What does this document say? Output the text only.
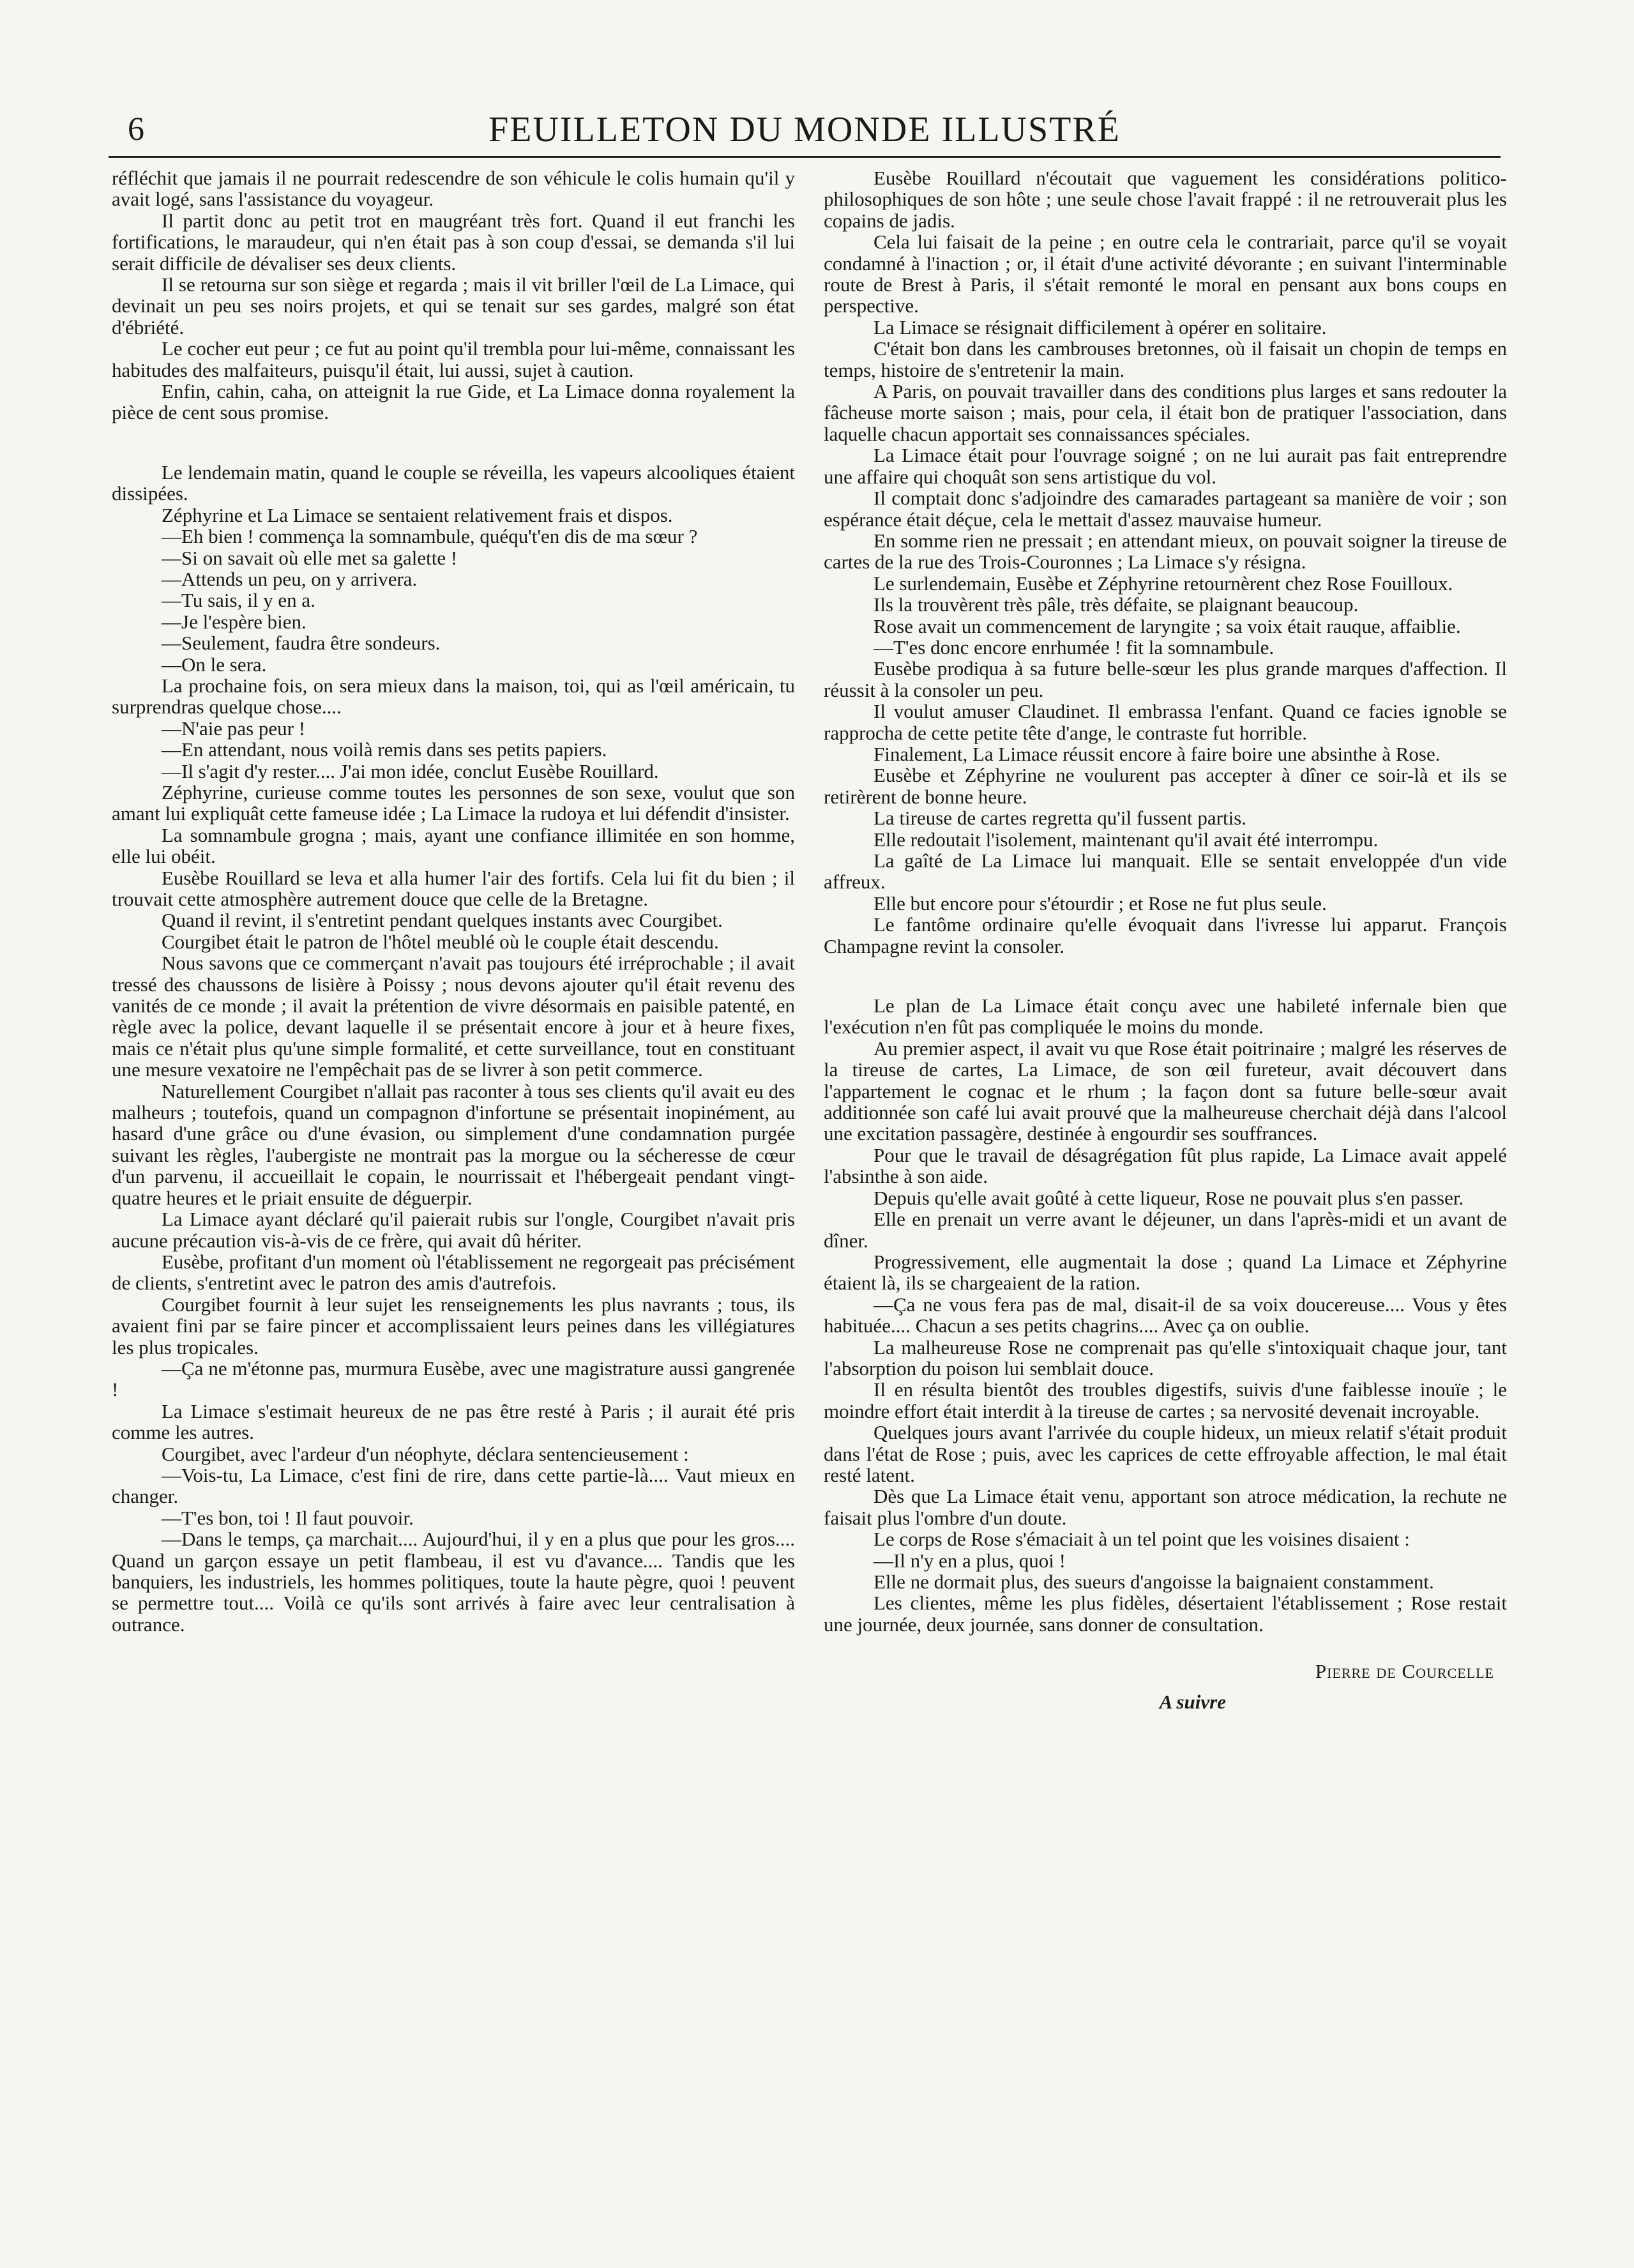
6	FEUILLETON DU MONDE ILLUSTRÉ

réfléchit que jamais il ne pourrait redescendre de son véhicule le colis humain qu'il y avait logé, sans l'assistance du voyageur.

Il partit donc au petit trot en maugréant très fort. Quand il eut franchi les fortifications, le maraudeur, qui n'en était pas à son coup d'essai, se demanda s'il lui serait difficile de dévaliser ses deux clients.

Il se retourna sur son siège et regarda ; mais il vit briller l'œil de La Limace, qui devinait un peu ses noirs projets, et qui se tenait sur ses gardes, malgré son état d'ébriété.

Le cocher eut peur ; ce fut au point qu'il trembla pour lui-même, connaissant les habitudes des malfaiteurs, puisqu'il était, lui aussi, sujet à caution.

Enfin, cahin, caha, on atteignit la rue Gide, et La Limace donna royalement la pièce de cent sous promise.

Le lendemain matin, quand le couple se réveilla, les vapeurs alcooliques étaient dissipées.

Zéphyrine et La Limace se sentaient relativement frais et dispos.

—Eh bien ! commença la somnambule, quéqu't'en dis de ma sœur ?

—Si on savait où elle met sa galette !

—Attends un peu, on y arrivera.

—Tu sais, il y en a.

—Je l'espère bien.

—Seulement, faudra être sondeurs.

—On le sera.

La prochaine fois, on sera mieux dans la maison, toi, qui as l'œil américain, tu surprendras quelque chose....

—N'aie pas peur !

—En attendant, nous voilà remis dans ses petits papiers.

—Il s'agit d'y rester.... J'ai mon idée, conclut Eusèbe Rouillard.

Zéphyrine, curieuse comme toutes les personnes de son sexe, voulut que son amant lui expliquât cette fameuse idée ; La Limace la rudoya et lui défendit d'insister.

La somnambule grogna ; mais, ayant une confiance illimitée en son homme, elle lui obéit.

Eusèbe Rouillard se leva et alla humer l'air des fortifs. Cela lui fit du bien ; il trouvait cette atmosphère autrement douce que celle de la Bretagne.

Quand il revint, il s'entretint pendant quelques instants avec Courgibet.

Courgibet était le patron de l'hôtel meublé où le couple était descendu.

Nous savons que ce commerçant n'avait pas toujours été irréprochable ; il avait tressé des chaussons de lisière à Poissy ; nous devons ajouter qu'il était revenu des vanités de ce monde ; il avait la prétention de vivre désormais en paisible patenté, en règle avec la police, devant laquelle il se présentait encore à jour et à heure fixes, mais ce n'était plus qu'une simple formalité, et cette surveillance, tout en constituant une mesure vexatoire ne l'empêchait pas de se livrer à son petit commerce.

Naturellement Courgibet n'allait pas raconter à tous ses clients qu'il avait eu des malheurs ; toutefois, quand un compagnon d'infortune se présentait inopinément, au hasard d'une grâce ou d'une évasion, ou simplement d'une condamnation purgée suivant les règles, l'aubergiste ne montrait pas la morgue ou la sécheresse de cœur d'un parvenu, il accueillait le copain, le nourrissait et l'hébergeait pendant vingt-quatre heures et le priait ensuite de déguerpir.

La Limace ayant déclaré qu'il paierait rubis sur l'ongle, Courgibet n'avait pris aucune précaution vis-à-vis de ce frère, qui avait dû hériter.

Eusèbe, profitant d'un moment où l'établissement ne regorgeait pas précisément de clients, s'entretint avec le patron des amis d'autrefois.

Courgibet fournit à leur sujet les renseignements les plus navrants ; tous, ils avaient fini par se faire pincer et accomplissaient leurs peines dans les villégiatures les plus tropicales.

—Ça ne m'étonne pas, murmura Eusèbe, avec une magistrature aussi gangrenée !

La Limace s'estimait heureux de ne pas être resté à Paris ; il aurait été pris comme les autres.

Courgibet, avec l'ardeur d'un néophyte, déclara sentencieusement :

—Vois-tu, La Limace, c'est fini de rire, dans cette partie-là.... Vaut mieux en changer.

—T'es bon, toi ! Il faut pouvoir.

—Dans le temps, ça marchait.... Aujourd'hui, il y en a plus que pour les gros.... Quand un garçon essaye un petit flambeau, il est vu d'avance.... Tandis que les banquiers, les industriels, les hommes politiques, toute la haute pègre, quoi ! peuvent se permettre tout.... Voilà ce qu'ils sont arrivés à faire avec leur centralisation à outrance.

Eusèbe Rouillard n'écoutait que vaguement les considérations politico-philosophiques de son hôte ; une seule chose l'avait frappé : il ne retrouverait plus les copains de jadis.

Cela lui faisait de la peine ; en outre cela le contrariait, parce qu'il se voyait condamné à l'inaction ; or, il était d'une activité dévorante ; en suivant l'interminable route de Brest à Paris, il s'était remonté le moral en pensant aux bons coups en perspective.

La Limace se résignait difficilement à opérer en solitaire.

C'était bon dans les cambrouses bretonnes, où il faisait un chopin de temps en temps, histoire de s'entretenir la main.

A Paris, on pouvait travailler dans des conditions plus larges et sans redouter la fâcheuse morte saison ; mais, pour cela, il était bon de pratiquer l'association, dans laquelle chacun apportait ses connaissances spéciales.

La Limace était pour l'ouvrage soigné ; on ne lui aurait pas fait entreprendre une affaire qui choquât son sens artistique du vol.

Il comptait donc s'adjoindre des camarades partageant sa manière de voir ; son espérance était déçue, cela le mettait d'assez mauvaise humeur.

En somme rien ne pressait ; en attendant mieux, on pouvait soigner la tireuse de cartes de la rue des Trois-Couronnes ; La Limace s'y résigna.

Le surlendemain, Eusèbe et Zéphyrine retournèrent chez Rose Fouilloux.

Ils la trouvèrent très pâle, très défaite, se plaignant beaucoup.

Rose avait un commencement de laryngite ; sa voix était rauque, affaiblie.

—T'es donc encore enrhumée ! fit la somnambule.

Eusèbe prodiqua à sa future belle-sœur les plus grande marques d'affection. Il réussit à la consoler un peu.

Il voulut amuser Claudinet. Il embrassa l'enfant. Quand ce facies ignoble se rapprocha de cette petite tête d'ange, le contraste fut horrible.

Finalement, La Limace réussit encore à faire boire une absinthe à Rose.

Eusèbe et Zéphyrine ne voulurent pas accepter à dîner ce soir-là et ils se retirèrent de bonne heure.

La tireuse de cartes regretta qu'il fussent partis.

Elle redoutait l'isolement, maintenant qu'il avait été interrompu.

La gaîté de La Limace lui manquait. Elle se sentait enveloppée d'un vide affreux.

Elle but encore pour s'étourdir ; et Rose ne fut plus seule.

Le fantôme ordinaire qu'elle évoquait dans l'ivresse lui apparut. François Champagne revint la consoler.

Le plan de La Limace était conçu avec une habileté infernale bien que l'exécution n'en fût pas compliquée le moins du monde.

Au premier aspect, il avait vu que Rose était poitrinaire ; malgré les réserves de la tireuse de cartes, La Limace, de son œil fureteur, avait découvert dans l'appartement le cognac et le rhum ; la façon dont sa future belle-sœur avait additionnée son café lui avait prouvé que la malheureuse cherchait déjà dans l'alcool une excitation passagère, destinée à engourdir ses souffrances.

Pour que le travail de désagrégation fût plus rapide, La Limace avait appelé l'absinthe à son aide.

Depuis qu'elle avait goûté à cette liqueur, Rose ne pouvait plus s'en passer.

Elle en prenait un verre avant le déjeuner, un dans l'après-midi et un avant de dîner.

Progressivement, elle augmentait la dose ; quand La Limace et Zéphyrine étaient là, ils se chargeaient de la ration.

—Ça ne vous fera pas de mal, disait-il de sa voix doucereuse.... Vous y êtes habituée.... Chacun a ses petits chagrins.... Avec ça on oublie.

La malheureuse Rose ne comprenait pas qu'elle s'intoxiquait chaque jour, tant l'absorption du poison lui semblait douce.

Il en résulta bientôt des troubles digestifs, suivis d'une faiblesse inouïe ; le moindre effort était interdit à la tireuse de cartes ; sa nervosité devenait incroyable.

Quelques jours avant l'arrivée du couple hideux, un mieux relatif s'était produit dans l'état de Rose ; puis, avec les caprices de cette effroyable affection, le mal était resté latent.

Dès que La Limace était venu, apportant son atroce médication, la rechute ne faisait plus l'ombre d'un doute.

Le corps de Rose s'émaciait à un tel point que les voisines disaient :

—Il n'y en a plus, quoi !

Elle ne dormait plus, des sueurs d'angoisse la baignaient constamment.

Les clientes, même les plus fidèles, désertaient l'établissement ; Rose restait une journée, deux journée, sans donner de consultation.

Pierre de Courcelle
A suivre
